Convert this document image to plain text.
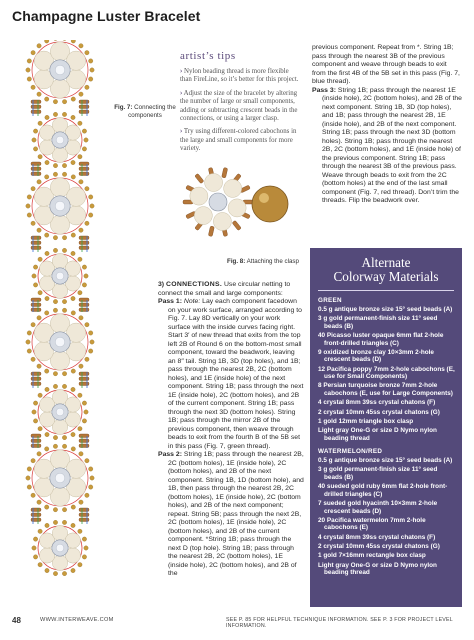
Champagne Luster Bracelet
Fig. 7: Connecting the components
Fig. 8: Attaching the clasp
artist’s tips
› Nylon beading thread is more flexible than FireLine, so it’s better for this project.
› Adjust the size of the bracelet by altering the number of large or small components, adding or subtracting crescent beads in the connections, or using a larger clasp.
› Try using different-colored cabochons in the large and small components for more variety.

previous component. Repeat from *. String 1B; pass through the nearest 3B of the previous component and weave through beads to exit from the first 4B of the 5B set in this pass (Fig. 7, blue thread).

Pass 3: String 1B; pass through the nearest 1E (inside hole), 2C (bottom holes), and 2B of the next component. String 1B, 3D (top holes), and 1B; pass through the nearest 2B, 1E (inside hole), and 2B of the next component. String 1B; pass through the next 3D (bottom holes). String 1B; pass through the nearest 2B, 2C (bottom holes), and 1E (inside hole) of the previous component. String 1B; pass through the nearest 3B of the previous pass. Weave through beads to exit from the 2C (bottom holes) at the end of the last small component (Fig. 7, red thread). Don’t trim the threads. Flip the beadwork over.

3) CONNECTIONS. Use circular netting to connect the small and large components:

Pass 1: Note: Lay each component facedown on your work surface, arranged according to Fig. 7. Lay 8D vertically on your work surface with the inside curves facing right. Start 3′ of new thread that exits from the top left 2B of Round 6 on the bottom-most small component, toward the beadwork, leaving an 8″ tail. String 1B, 3D (top holes), and 1B; pass through the nearest 2B, 2C (bottom holes), and 1E (inside hole) of the next component. String 1B; pass through the next 1E (inside hole), 2C (bottom holes), and 2B of the current component. String 1B; pass through the next 3D (bottom holes). String 1B; pass through the mirror 2B of the previous component, then weave through beads to exit from the fourth B of the 5B set in this pass (Fig. 7, green thread).

Pass 2: String 1B; pass through the nearest 2B, 2C (bottom holes), 1E (inside hole), 2C (bottom holes), and 2B of the next component. String 1B, 1D (bottom hole), and 1B, then pass through the nearest 2B, 2C (bottom holes), 1E (inside hole), 2C (bottom holes), and 2B of the next component; repeat. String 5B; pass through the next 2B, 2C (bottom holes), 1E (inside hole), 2C (bottom holes), and 2B of the current component. *String 1B; pass through the next D (top hole). String 1B; pass through the nearest 2B, 2C (bottom holes), 1E (inside hole), 2C (bottom holes), and 2B of the

Alternate
Colorway Materials
GREEN
0.5 g antique bronze size 15° seed beads (A)
3 g gold permanent-finish size 11° seed beads (B)
40 Picasso luster opaque 6mm flat 2-hole front-drilled triangles (C)
9 oxidized bronze clay 10×3mm 2-hole crescent beads (D)
12 Pacifica poppy 7mm 2-hole cabochons (E, use for Small Components)
8 Persian turquoise bronze 7mm 2-hole cabochons (E, use for Large Components)
4 crystal 8mm 39ss crystal chatons (F)
2 crystal 10mm 45ss crystal chatons (G)
1 gold 12mm triangle box clasp
Light gray One-G or size D Nymo nylon beading thread
WATERMELON/RED
0.5 g antique bronze size 15° seed beads (A)
3 g gold permanent-finish size 11° seed beads (B)
40 sueded gold ruby 6mm flat 2-hole front-drilled triangles (C)
7 sueded gold hyacinth 10×3mm 2-hole crescent beads (D)
20 Pacifica watermelon 7mm 2-hole cabochons (E)
4 crystal 8mm 39ss crystal chatons (F)
2 crystal 10mm 45ss crystal chatons (G)
1 gold 7×16mm rectangle box clasp
Light gray One-G or size D Nymo nylon beading thread
48	WWW.INTERWEAVE.COM	SEE P. 85 FOR HELPFUL TECHNIQUE INFORMATION. SEE P. 3 FOR PROJECT LEVEL INFORMATION.
